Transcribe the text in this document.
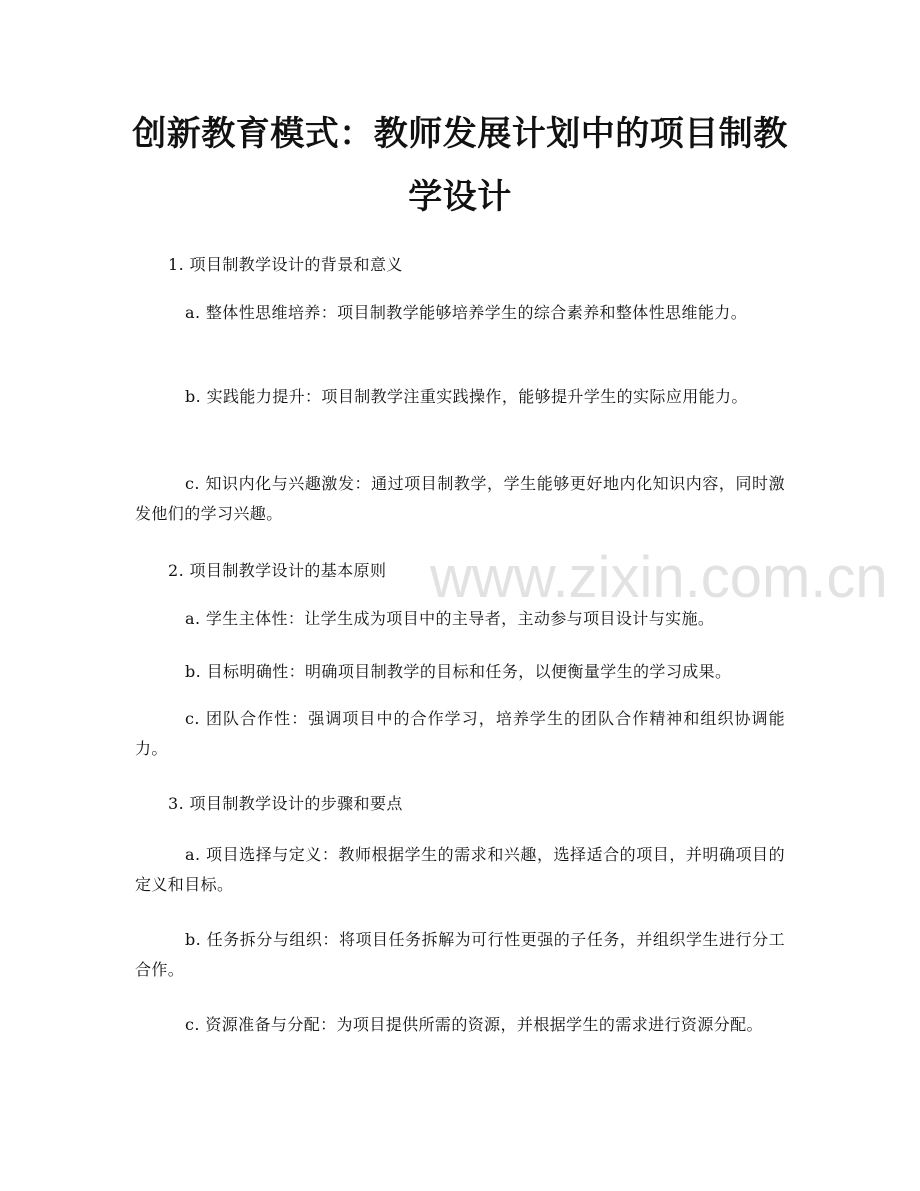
创新教育模式：教师发展计划中的项目制教学设计

1. 项目制教学设计的背景和意义

a. 整体性思维培养：项目制教学能够培养学生的综合素养和整体性思维能力。

b. 实践能力提升：项目制教学注重实践操作，能够提升学生的实际应用能力。

c. 知识内化与兴趣激发：通过项目制教学，学生能够更好地内化知识内容，同时激发他们的学习兴趣。

2. 项目制教学设计的基本原则

a. 学生主体性：让学生成为项目中的主导者，主动参与项目设计与实施。

b. 目标明确性：明确项目制教学的目标和任务，以便衡量学生的学习成果。

c. 团队合作性：强调项目中的合作学习，培养学生的团队合作精神和组织协调能力。

3. 项目制教学设计的步骤和要点

a. 项目选择与定义：教师根据学生的需求和兴趣，选择适合的项目，并明确项目的定义和目标。

b. 任务拆分与组织：将项目任务拆解为可行性更强的子任务，并组织学生进行分工合作。

c. 资源准备与分配：为项目提供所需的资源，并根据学生的需求进行资源分配。

www.zixin.com.cn
